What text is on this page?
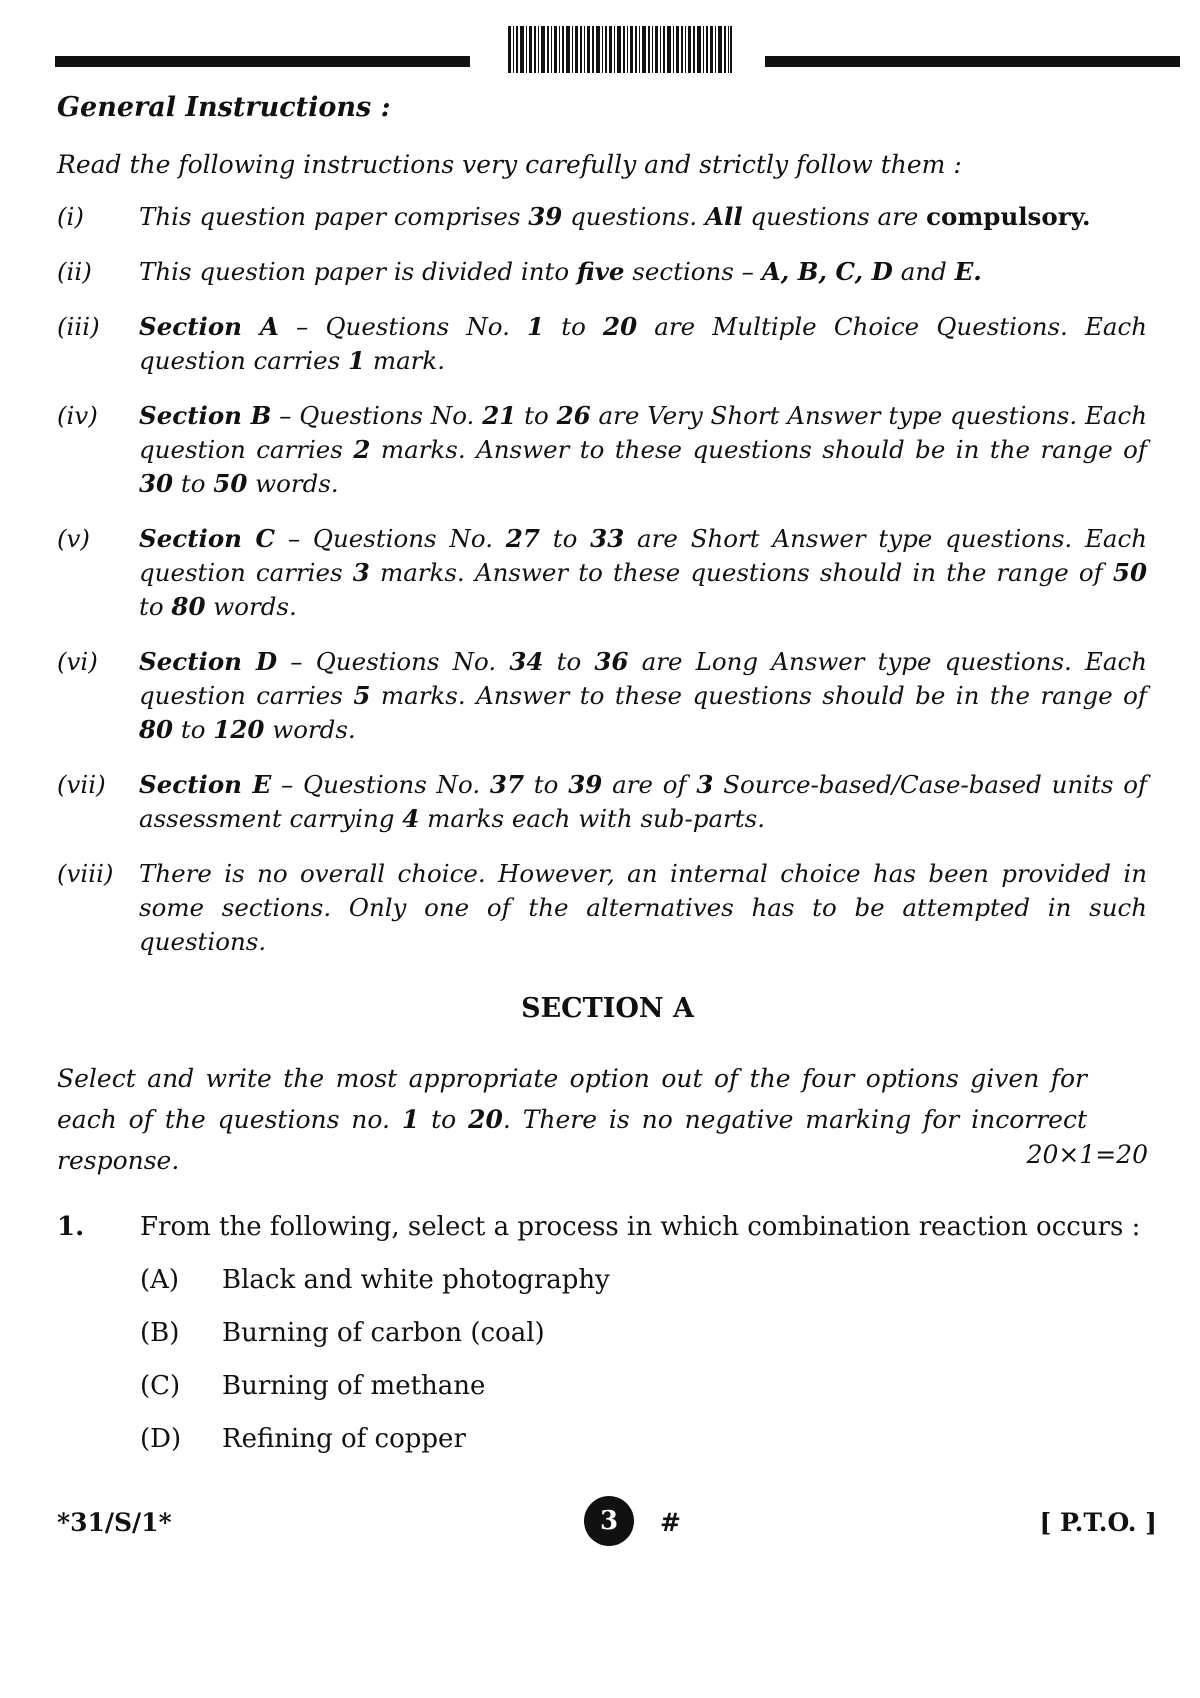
General Instructions :
Read the following instructions very carefully and strictly follow them :
(i)	This question paper comprises 39 questions. All questions are compulsory.
(ii)	This question paper is divided into five sections – A, B, C, D and E.
(iii)	Section A – Questions No. 1 to 20 are Multiple Choice Questions. Each question carries 1 mark.
(iv)	Section B – Questions No. 21 to 26 are Very Short Answer type questions. Each question carries 2 marks. Answer to these questions should be in the range of 30 to 50 words.
(v)	Section C – Questions No. 27 to 33 are Short Answer type questions. Each question carries 3 marks. Answer to these questions should in the range of 50 to 80 words.
(vi)	Section D – Questions No. 34 to 36 are Long Answer type questions. Each question carries 5 marks. Answer to these questions should be in the range of 80 to 120 words.
(vii)	Section E – Questions No. 37 to 39 are of 3 Source-based/Case-based units of assessment carrying 4 marks each with sub-parts.
(viii)	There is no overall choice. However, an internal choice has been provided in some sections. Only one of the alternatives has to be attempted in such questions.
SECTION A
Select and write the most appropriate option out of the four options given for each of the questions no. 1 to 20. There is no negative marking for incorrect response.	20×1=20
1. From the following, select a process in which combination reaction occurs :
(A)	Black and white photography
(B)	Burning of carbon (coal)
(C)	Burning of methane
(D)	Refining of copper
*31/S/1*	3 #	[ P.T.O. ]
